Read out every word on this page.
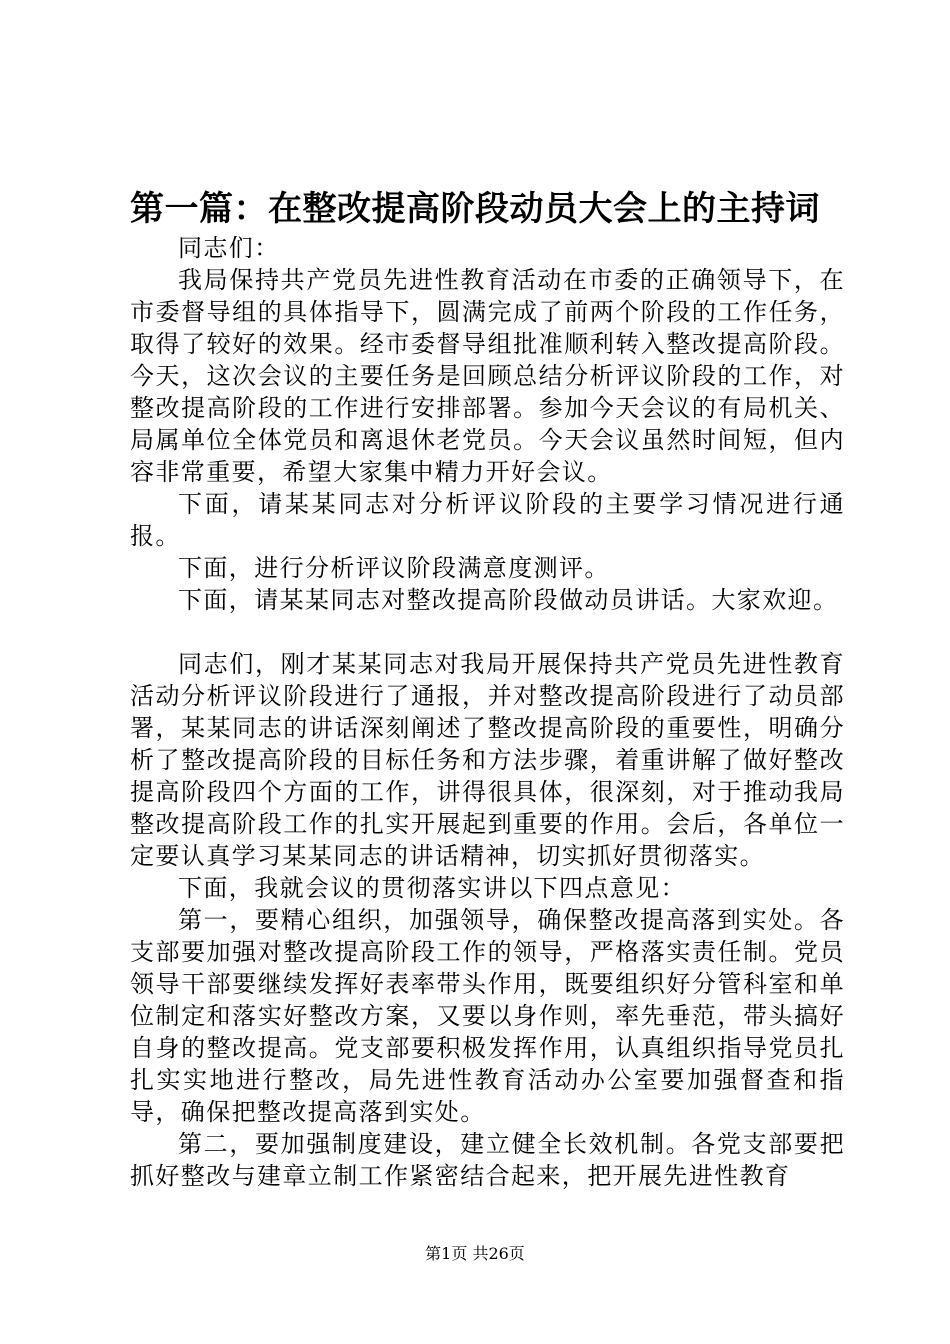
第一篇：在整改提高阶段动员大会上的主持词

同志们：

我局保持共产党员先进性教育活动在市委的正确领导下，在市委督导组的具体指导下，圆满完成了前两个阶段的工作任务，取得了较好的效果。经市委督导组批准顺利转入整改提高阶段。今天，这次会议的主要任务是回顾总结分析评议阶段的工作，对整改提高阶段的工作进行安排部署。参加今天会议的有局机关、局属单位全体党员和离退休老党员。今天会议虽然时间短，但内容非常重要，希望大家集中精力开好会议。

下面，请某某同志对分析评议阶段的主要学习情况进行通报。

下面，进行分析评议阶段满意度测评。

下面，请某某同志对整改提高阶段做动员讲话。大家欢迎。

同志们，刚才某某同志对我局开展保持共产党员先进性教育活动分析评议阶段进行了通报，并对整改提高阶段进行了动员部署，某某同志的讲话深刻阐述了整改提高阶段的重要性，明确分析了整改提高阶段的目标任务和方法步骤，着重讲解了做好整改提高阶段四个方面的工作，讲得很具体，很深刻，对于推动我局整改提高阶段工作的扎实开展起到重要的作用。会后，各单位一定要认真学习某某同志的讲话精神，切实抓好贯彻落实。

下面，我就会议的贯彻落实讲以下四点意见：

第一，要精心组织，加强领导，确保整改提高落到实处。各支部要加强对整改提高阶段工作的领导，严格落实责任制。党员领导干部要继续发挥好表率带头作用，既要组织好分管科室和单位制定和落实好整改方案，又要以身作则，率先垂范，带头搞好自身的整改提高。党支部要积极发挥作用，认真组织指导党员扎扎实实地进行整改，局先进性教育活动办公室要加强督查和指导，确保把整改提高落到实处。

第二，要加强制度建设，建立健全长效机制。各党支部要把抓好整改与建章立制工作紧密结合起来，把开展先进性教育

第1页 共26页
